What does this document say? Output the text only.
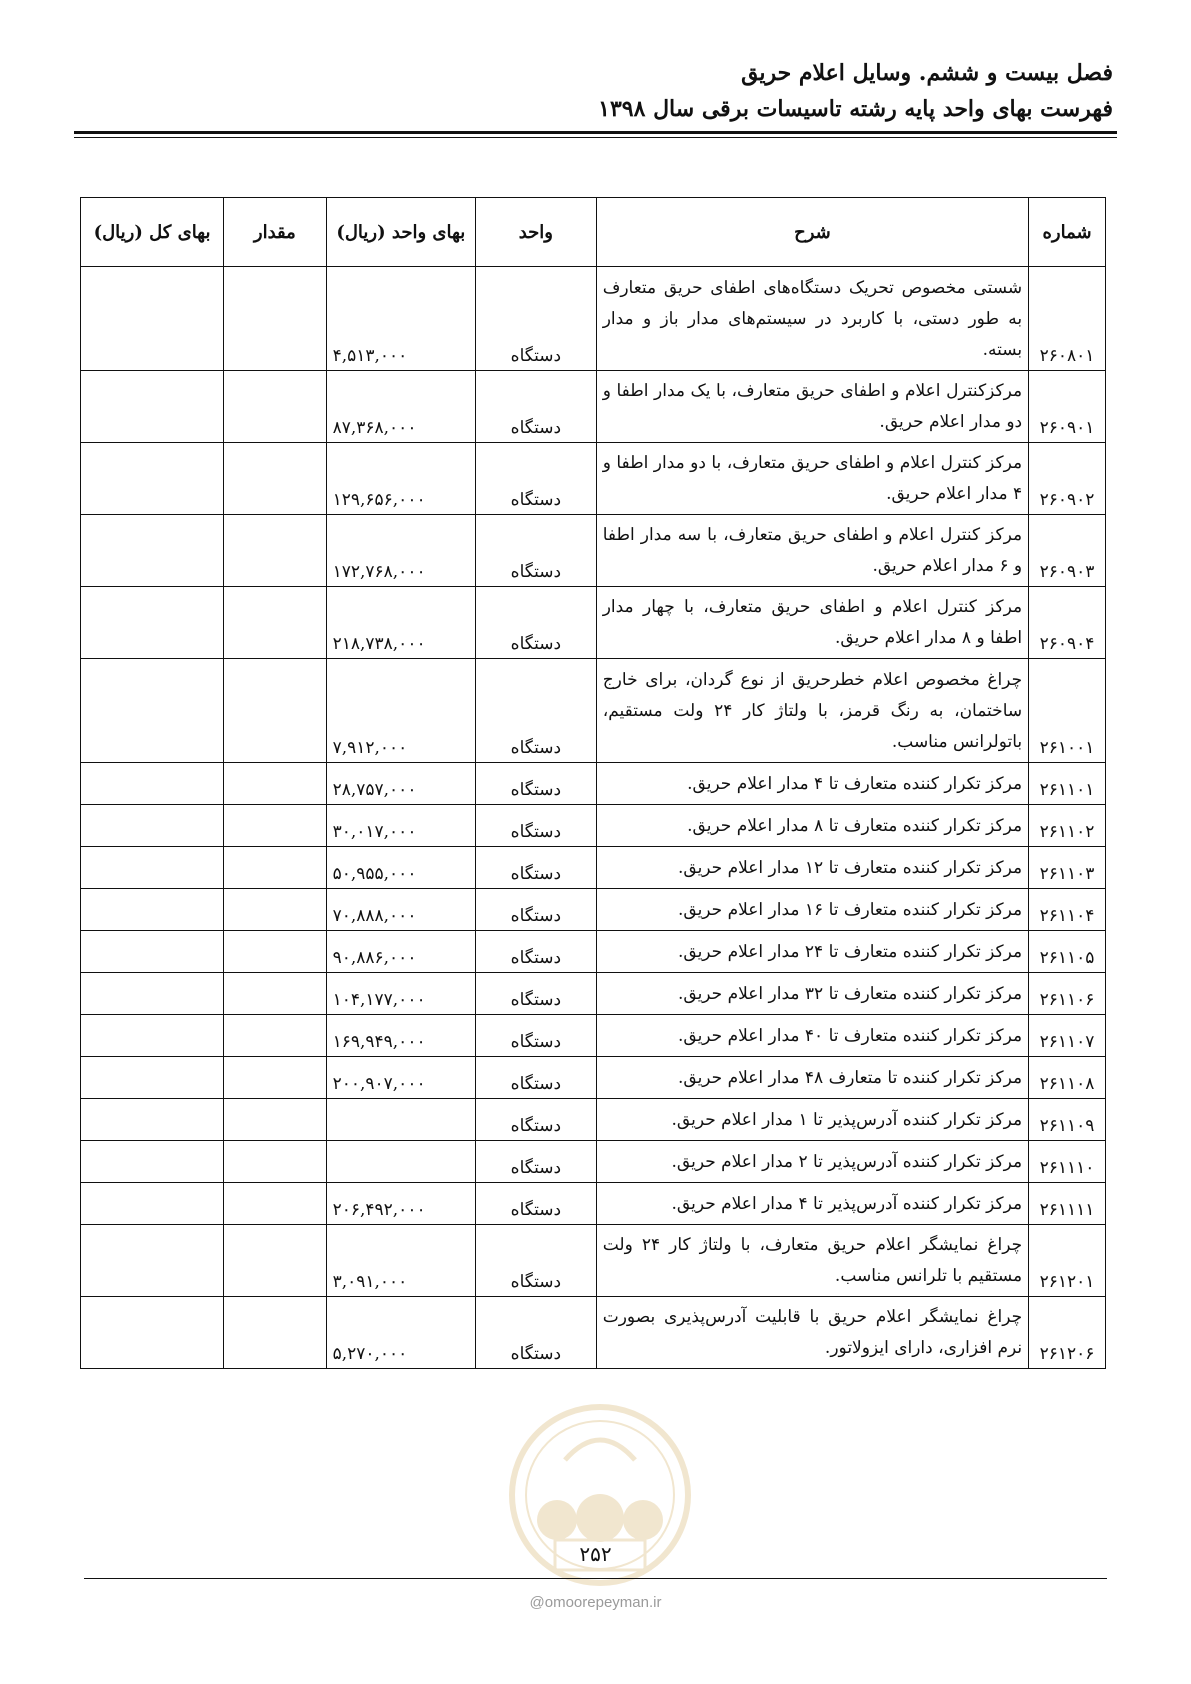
فصل بیست و ششم. وسایل اعلام حریق
فهرست بهای واحد پایه رشته تاسیسات برقی سال ۱۳۹۸
شماره	شرح	واحد	بهای واحد (ریال)	مقدار	بهای کل (ریال)
۲۶۰۸۰۱	شستی مخصوص تحریک دستگاه‌های اطفای حریق متعارف به طور دستی، با کاربرد در سیستم‌های مدار باز و مدار بسته.	دستگاه	۴,۵۱۳,۰۰۰		
۲۶۰۹۰۱	مرکزکنترل اعلام و اطفای حریق متعارف، با یک مدار اطفا و دو مدار اعلام حریق.	دستگاه	۸۷,۳۶۸,۰۰۰		
۲۶۰۹۰۲	مرکز کنترل اعلام و اطفای حریق متعارف، با دو مدار اطفا و ۴ مدار اعلام حریق.	دستگاه	۱۲۹,۶۵۶,۰۰۰		
۲۶۰۹۰۳	مرکز کنترل اعلام و اطفای حریق متعارف، با سه مدار اطفا و ۶ مدار اعلام حریق.	دستگاه	۱۷۲,۷۶۸,۰۰۰		
۲۶۰۹۰۴	مرکز کنترل اعلام و اطفای حریق متعارف، با چهار مدار اطفا و ۸ مدار اعلام حریق.	دستگاه	۲۱۸,۷۳۸,۰۰۰		
۲۶۱۰۰۱	چراغ مخصوص اعلام خطرحریق از نوع گردان، برای خارج ساختمان، به رنگ قرمز، با ولتاژ کار ۲۴ ولت مستقیم، باتولرانس مناسب.	دستگاه	۷,۹۱۲,۰۰۰		
۲۶۱۱۰۱	مرکز تکرار کننده متعارف تا ۴ مدار اعلام حریق.	دستگاه	۲۸,۷۵۷,۰۰۰		
۲۶۱۱۰۲	مرکز تکرار کننده متعارف تا ۸ مدار اعلام حریق.	دستگاه	۳۰,۰۱۷,۰۰۰		
۲۶۱۱۰۳	مرکز تکرار کننده متعارف تا ۱۲ مدار اعلام حریق.	دستگاه	۵۰,۹۵۵,۰۰۰		
۲۶۱۱۰۴	مرکز تکرار کننده متعارف تا ۱۶ مدار اعلام حریق.	دستگاه	۷۰,۸۸۸,۰۰۰		
۲۶۱۱۰۵	مرکز تکرار کننده متعارف تا ۲۴ مدار اعلام حریق.	دستگاه	۹۰,۸۸۶,۰۰۰		
۲۶۱۱۰۶	مرکز تکرار کننده متعارف تا ۳۲ مدار اعلام حریق.	دستگاه	۱۰۴,۱۷۷,۰۰۰		
۲۶۱۱۰۷	مرکز تکرار کننده متعارف تا ۴۰ مدار اعلام حریق.	دستگاه	۱۶۹,۹۴۹,۰۰۰		
۲۶۱۱۰۸	مرکز تکرار کننده تا متعارف ۴۸ مدار اعلام حریق.	دستگاه	۲۰۰,۹۰۷,۰۰۰		
۲۶۱۱۰۹	مرکز تکرار کننده آدرس‌پذیر تا ۱ مدار اعلام حریق.	دستگاه			
۲۶۱۱۱۰	مرکز تکرار کننده آدرس‌پذیر تا ۲ مدار اعلام حریق.	دستگاه			
۲۶۱۱۱۱	مرکز تکرار کننده آدرس‌پذیر تا ۴ مدار اعلام حریق.	دستگاه	۲۰۶,۴۹۲,۰۰۰		
۲۶۱۲۰۱	چراغ نمایشگر اعلام حریق متعارف، با ولتاژ کار ۲۴ ولت مستقیم با تلرانس مناسب.	دستگاه	۳,۰۹۱,۰۰۰		
۲۶۱۲۰۶	چراغ نمایشگر اعلام حریق با قابلیت آدرس‌پذیری بصورت نرم افزاری، دارای ایزولاتور.	دستگاه	۵,۲۷۰,۰۰۰		
۲۵۲
@omoorepeyman.ir
